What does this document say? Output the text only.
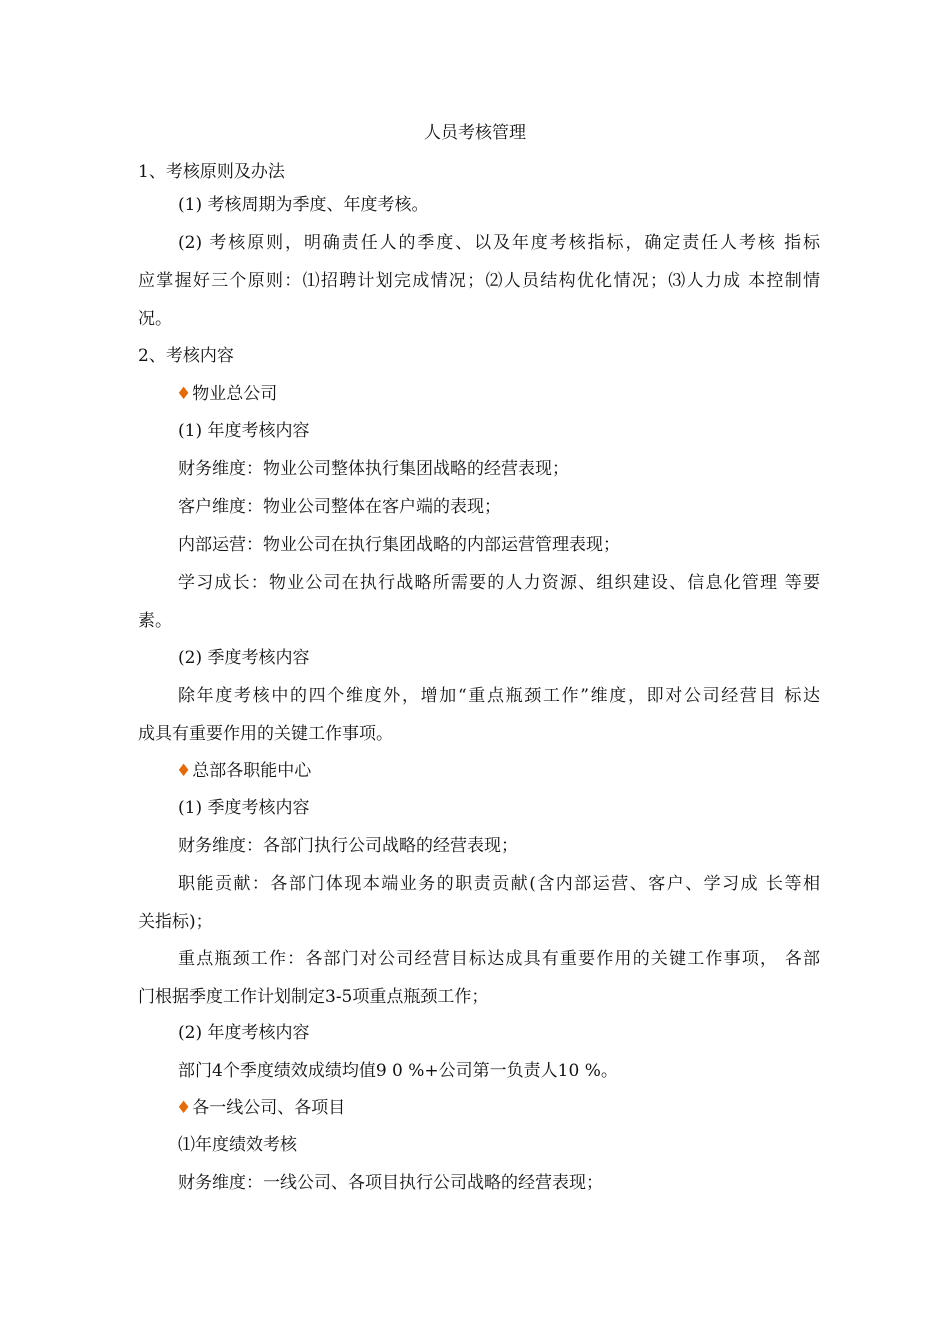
人员考核管理

1、考核原则及办法

(1) 考核周期为季度、年度考核。

(2) 考核原则，明确责任人的季度、以及年度考核指标，确定责任人考核 指标

应掌握好三个原则：⑴招聘计划完成情况；⑵人员结构优化情况；⑶人力成 本控制情

况。

2、考核内容

♦物业总公司

(1) 年度考核内容

财务维度：物业公司整体执行集团战略的经营表现；

客户维度：物业公司整体在客户端的表现；

内部运营：物业公司在执行集团战略的内部运营管理表现；

学习成长：物业公司在执行战略所需要的人力资源、组织建设、信息化管理 等要

素。

(2) 季度考核内容

除年度考核中的四个维度外，增加“重点瓶颈工作”维度，即对公司经营目 标达

成具有重要作用的关键工作事项。

♦总部各职能中心

(1) 季度考核内容

财务维度：各部门执行公司战略的经营表现；

职能贡献：各部门体现本端业务的职责贡献(含内部运营、客户、学习成 长等相

关指标)；

重点瓶颈工作：各部门对公司经营目标达成具有重要作用的关键工作事项， 各部

门根据季度工作计划制定3-5项重点瓶颈工作；

(2) 年度考核内容

部门4个季度绩效成绩均值9 0 %+公司第一负责人10 %。

♦各一线公司、各项目

⑴年度绩效考核

财务维度：一线公司、各项目执行公司战略的经营表现；
